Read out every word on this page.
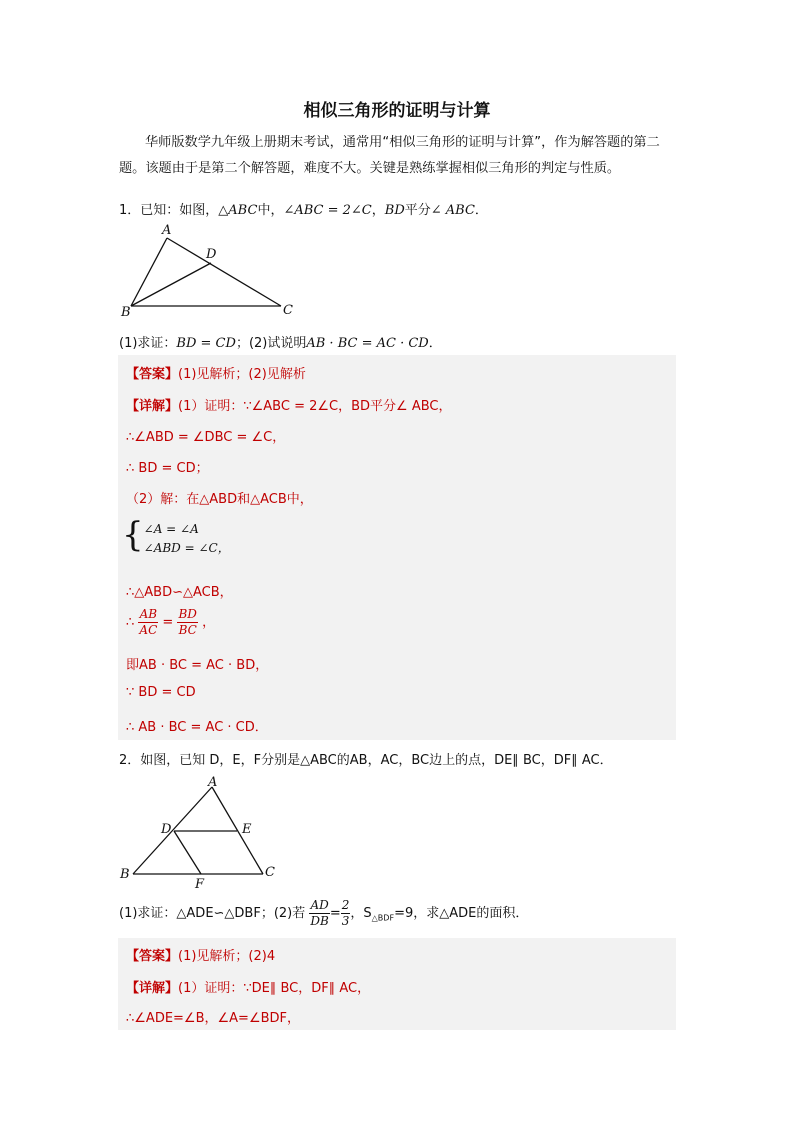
相似三角形的证明与计算
华师版数学九年级上册期末考试，通常用“相似三角形的证明与计算”，作为解答题的第二题。该题由于是第二个解答题，难度不大。关键是熟练掌握相似三角形的判定与性质。
1．已知：如图，△ABC中，∠ABC = 2∠C，BD平分∠ ABC．
A
D
B	C
(1)求证：BD = CD；(2)试说明AB · BC = AC · CD．
【答案】(1)见解析；(2)见解析
【详解】(1）证明：∵∠ABC = 2∠C，BD平分∠ ABC，
∴∠ABD = ∠DBC = ∠C，
∴ BD = CD；
（2）解：在△ABD和△ACB中，
{ ∠A = ∠A
∠ABD = ∠C，
∴△ABD∽△ACB，
∴ $\frac{AB}{AC} = \frac{BD}{BC}$ ，
即AB · BC = AC · BD，
∵ BD = CD
∴ AB · BC = AC · CD．
2．如图，已知 D，E，F分别是△ABC的AB，AC，BC边上的点，DE∥ BC，DF∥ AC．
A
D	E
B
F
C
(1)求证：△ADE∽△DBF；(2)若 $\frac{AD}{DB} = \frac{2}{3}$ ，$S_{\triangle BDF}=9$，求△ADE的面积．
【答案】(1)见解析；(2)4
【详解】(1）证明：∵DE∥ BC，DF∥ AC，
∴∠ADE=∠B，∠A=∠BDF，
